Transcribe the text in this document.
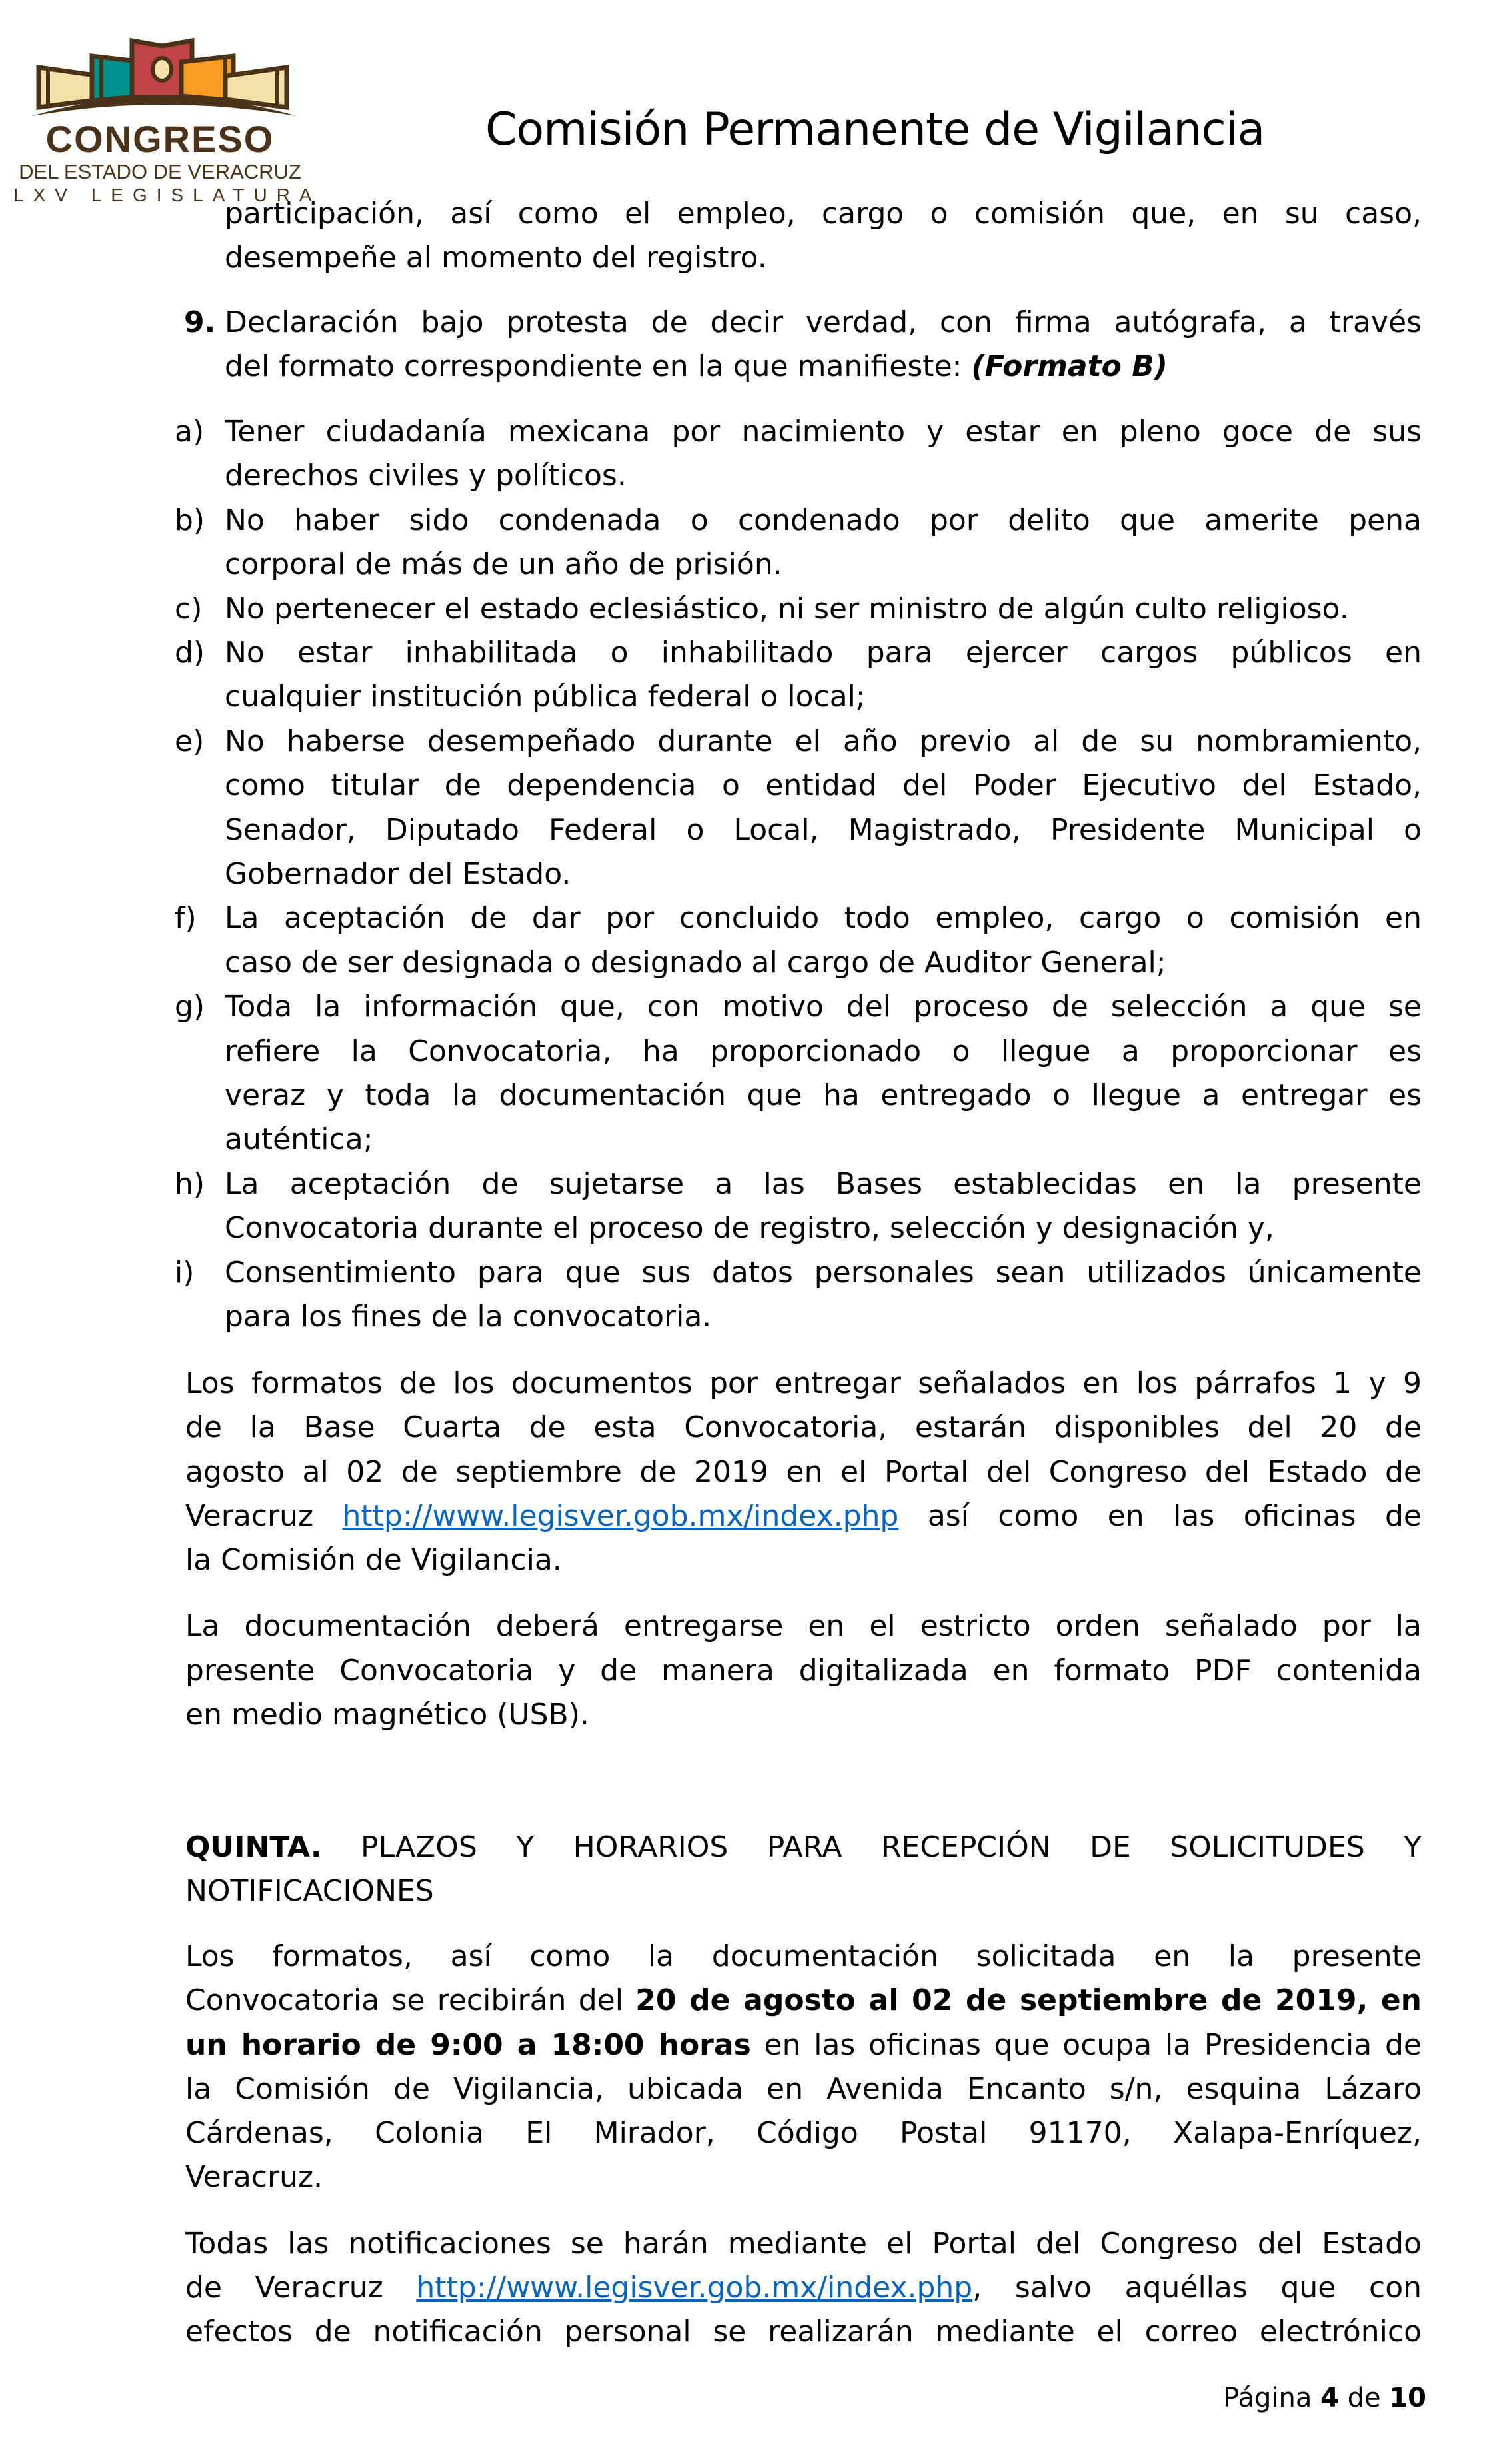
CONGRESO
DEL ESTADO DE VERACRUZ
LXV LEGISLATURA
Comisión Permanente de Vigilancia
participación, así como el empleo, cargo o comisión que, en su caso,
desempeñe al momento del registro.
9. Declaración bajo protesta de decir verdad, con firma autógrafa, a través
del formato correspondiente en la que manifieste: (Formato B)
a) Tener ciudadanía mexicana por nacimiento y estar en pleno goce de sus
derechos civiles y políticos.
b) No haber sido condenada o condenado por delito que amerite pena
corporal de más de un año de prisión.
c) No pertenecer el estado eclesiástico, ni ser ministro de algún culto religioso.
d) No estar inhabilitada o inhabilitado para ejercer cargos públicos en
cualquier institución pública federal o local;
e) No haberse desempeñado durante el año previo al de su nombramiento,
como titular de dependencia o entidad del Poder Ejecutivo del Estado,
Senador, Diputado Federal o Local, Magistrado, Presidente Municipal o
Gobernador del Estado.
f) La aceptación de dar por concluido todo empleo, cargo o comisión en
caso de ser designada o designado al cargo de Auditor General;
g) Toda la información que, con motivo del proceso de selección a que se
refiere la Convocatoria, ha proporcionado o llegue a proporcionar es
veraz y toda la documentación que ha entregado o llegue a entregar es
auténtica;
h) La aceptación de sujetarse a las Bases establecidas en la presente
Convocatoria durante el proceso de registro, selección y designación y,
i) Consentimiento para que sus datos personales sean utilizados únicamente
para los fines de la convocatoria.
Los formatos de los documentos por entregar señalados en los párrafos 1 y 9
de la Base Cuarta de esta Convocatoria, estarán disponibles del 20 de
agosto al 02 de septiembre de 2019 en el Portal del Congreso del Estado de
Veracruz http://www.legisver.gob.mx/index.php así como en las oficinas de
la Comisión de Vigilancia.
La documentación deberá entregarse en el estricto orden señalado por la
presente Convocatoria y de manera digitalizada en formato PDF contenida
en medio magnético (USB).
QUINTA. PLAZOS Y HORARIOS PARA RECEPCIÓN DE SOLICITUDES Y
NOTIFICACIONES
Los formatos, así como la documentación solicitada en la presente
Convocatoria se recibirán del 20 de agosto al 02 de septiembre de 2019, en
un horario de 9:00 a 18:00 horas en las oficinas que ocupa la Presidencia de
la Comisión de Vigilancia, ubicada en Avenida Encanto s/n, esquina Lázaro
Cárdenas, Colonia El Mirador, Código Postal 91170, Xalapa-Enríquez,
Veracruz.
Todas las notificaciones se harán mediante el Portal del Congreso del Estado
de Veracruz http://www.legisver.gob.mx/index.php, salvo aquéllas que con
efectos de notificación personal se realizarán mediante el correo electrónico
Página 4 de 10
